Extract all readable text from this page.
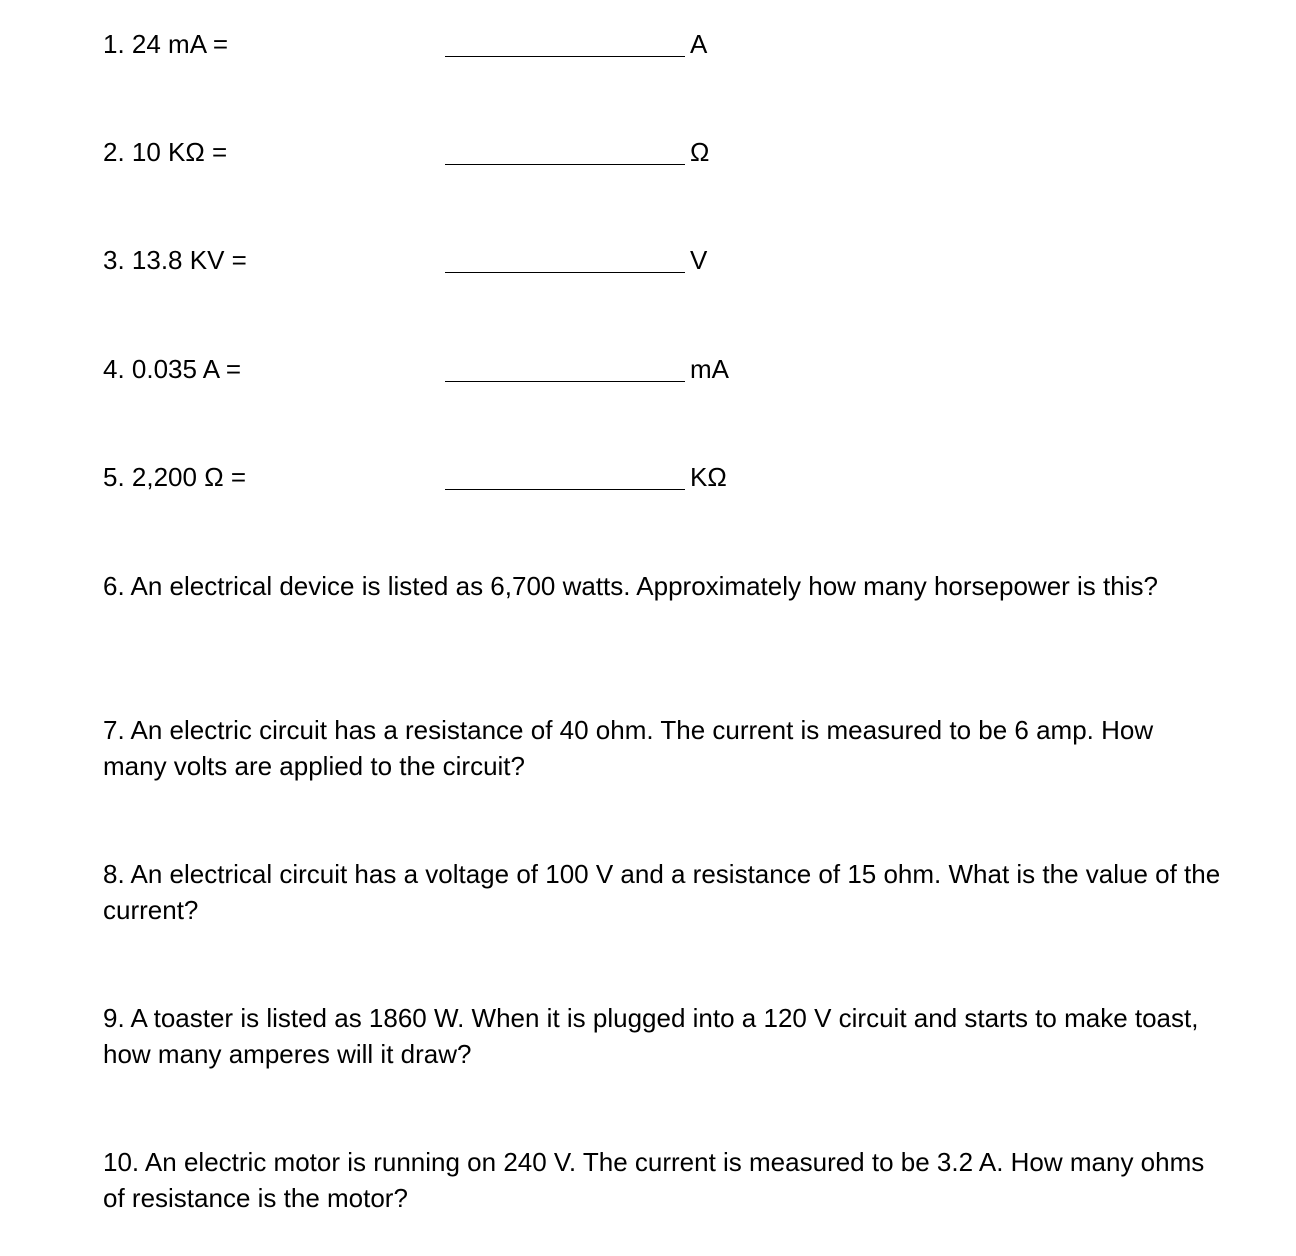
1. 24 mA =	A
2. 10 KΩ =	Ω
3. 13.8 KV =	V
4. 0.035 A =	mA
5. 2,200 Ω =	KΩ

6. An electrical device is listed as 6,700 watts. Approximately how many horsepower is this?

7. An electric circuit has a resistance of 40 ohm. The current is measured to be 6 amp. How many volts are applied to the circuit?

8. An electrical circuit has a voltage of 100 V and a resistance of 15 ohm. What is the value of the current?

9. A toaster is listed as 1860 W. When it is plugged into a 120 V circuit and starts to make toast, how many amperes will it draw?

10. An electric motor is running on 240 V. The current is measured to be 3.2 A. How many ohms of resistance is the motor?
